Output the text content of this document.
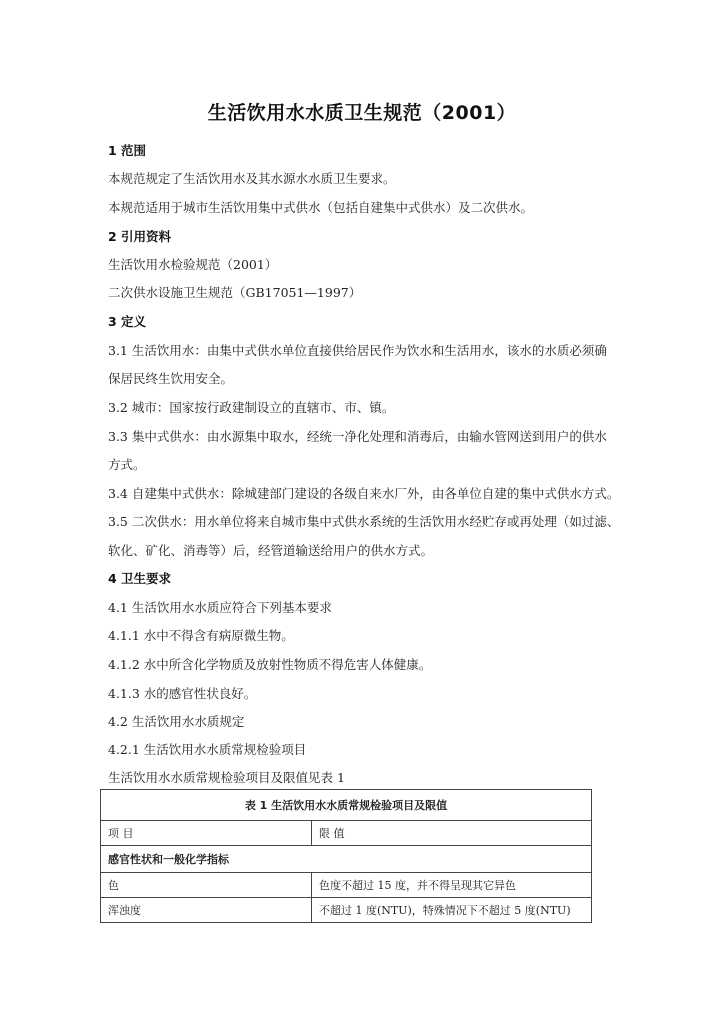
生活饮用水水质卫生规范（2001）
1 范围
本规范规定了生活饮用水及其水源水水质卫生要求。
本规范适用于城市生活饮用集中式供水（包括自建集中式供水）及二次供水。
2 引用资料
生活饮用水检验规范（2001）
二次供水设施卫生规范（GB17051—1997）
3 定义
3.1 生活饮用水：由集中式供水单位直接供给居民作为饮水和生活用水，该水的水质必须确
保居民终生饮用安全。
3.2 城市：国家按行政建制设立的直辖市、市、镇。
3.3 集中式供水：由水源集中取水，经统一净化处理和消毒后，由输水管网送到用户的供水
方式。
3.4 自建集中式供水：除城建部门建设的各级自来水厂外，由各单位自建的集中式供水方式。
3.5 二次供水：用水单位将来自城市集中式供水系统的生活饮用水经贮存或再处理（如过滤、
软化、矿化、消毒等）后，经管道输送给用户的供水方式。
4 卫生要求
4.1 生活饮用水水质应符合下列基本要求
4.1.1 水中不得含有病原微生物。
4.1.2 水中所含化学物质及放射性物质不得危害人体健康。
4.1.3 水的感官性状良好。
4.2 生活饮用水水质规定
4.2.1 生活饮用水水质常规检验项目
生活饮用水水质常规检验项目及限值见表 1
表 1 生活饮用水水质常规检验项目及限值	
项 目	限 值
感官性状和一般化学指标	
色	色度不超过 15 度，并不得呈现其它异色
浑浊度	不超过 1 度(NTU)，特殊情况下不超过 5 度(NTU)
